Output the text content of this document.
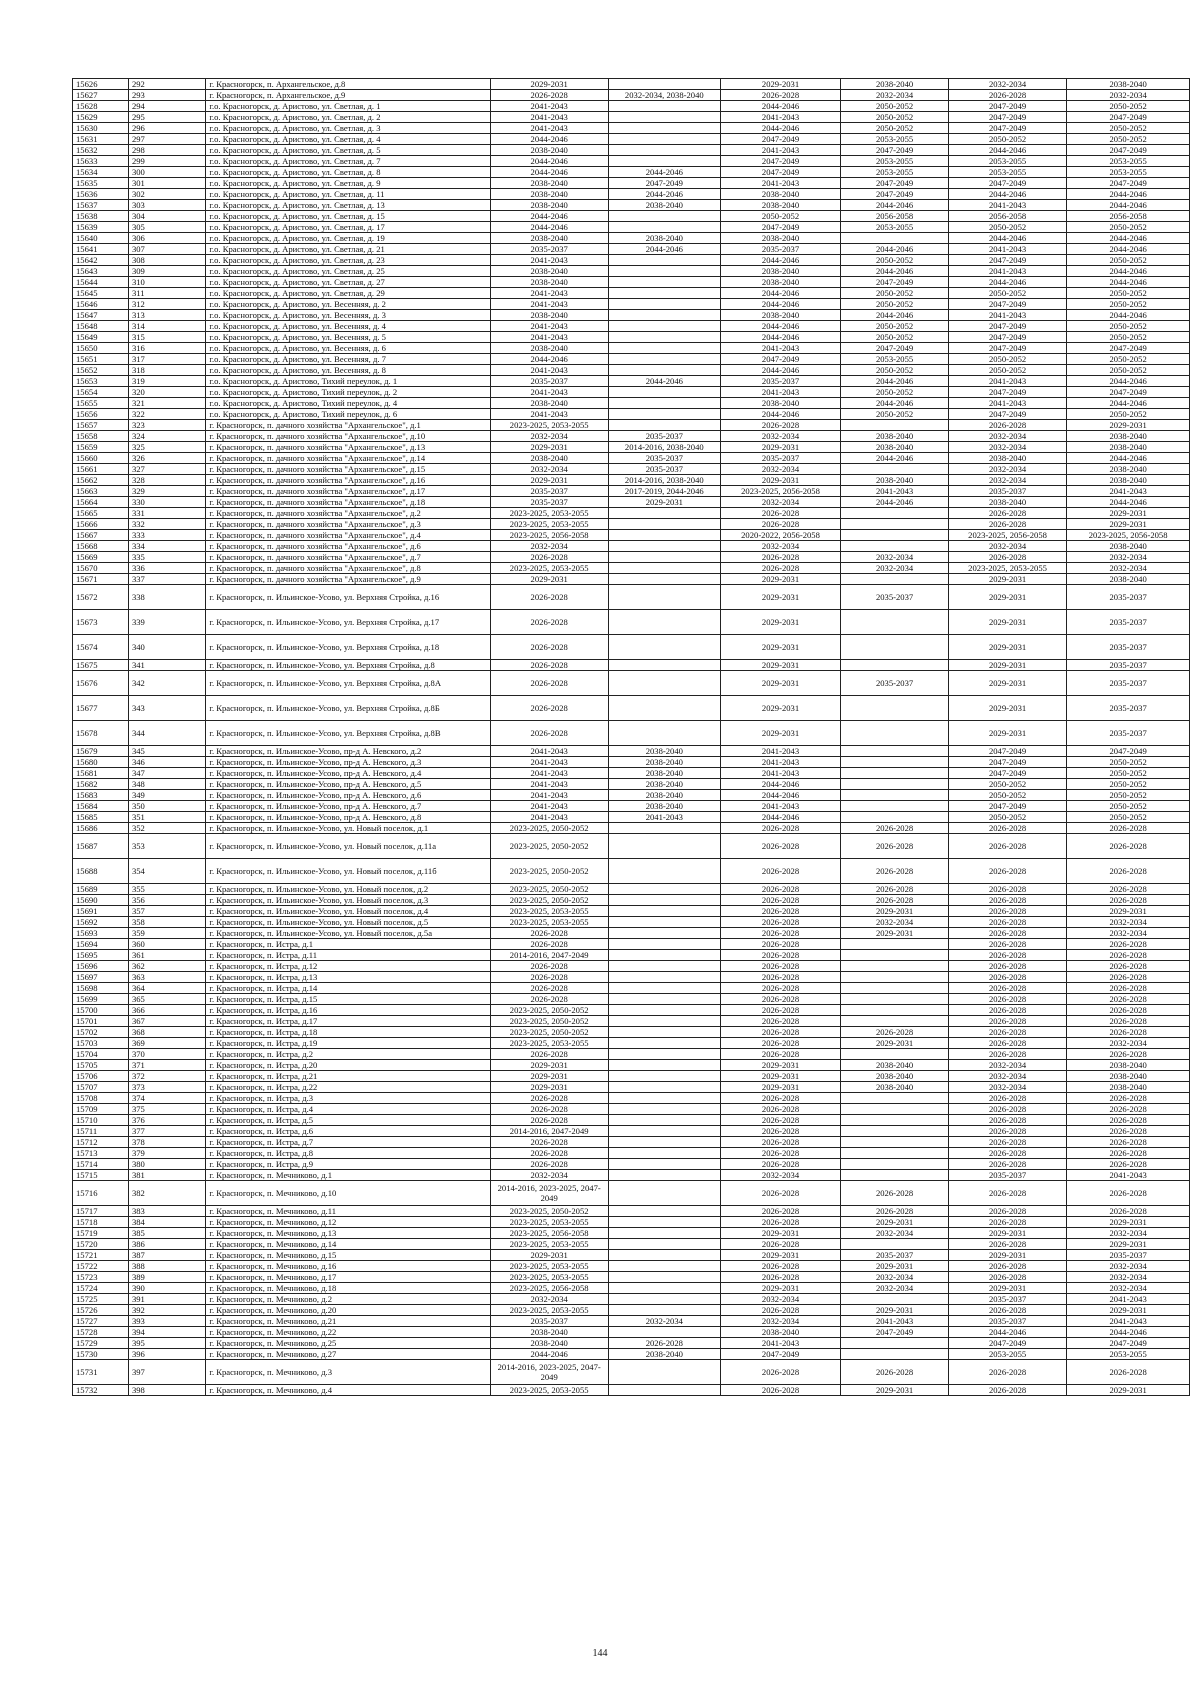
15626	292	г. Красногорск, п. Архангельское, д.8	2029-2031		2029-2031	2038-2040	2032-2034	2038-2040
15627	293	г. Красногорск, п. Архангельское, д.9	2026-2028	2032-2034, 2038-2040	2026-2028	2032-2034	2026-2028	2032-2034
15628	294	г.о. Красногорск, д. Аристово, ул. Светлая, д. 1	2041-2043		2044-2046	2050-2052	2047-2049	2050-2052
15629	295	г.о. Красногорск, д. Аристово, ул. Светлая, д. 2	2041-2043		2041-2043	2050-2052	2047-2049	2047-2049
15630	296	г.о. Красногорск, д. Аристово, ул. Светлая, д. 3	2041-2043		2044-2046	2050-2052	2047-2049	2050-2052
15631	297	г.о. Красногорск, д. Аристово, ул. Светлая, д. 4	2044-2046		2047-2049	2053-2055	2050-2052	2050-2052
15632	298	г.о. Красногорск, д. Аристово, ул. Светлая, д. 5	2038-2040		2041-2043	2047-2049	2044-2046	2047-2049
15633	299	г.о. Красногорск, д. Аристово, ул. Светлая, д. 7	2044-2046		2047-2049	2053-2055	2053-2055	2053-2055
15634	300	г.о. Красногорск, д. Аристово, ул. Светлая, д. 8	2044-2046	2044-2046	2047-2049	2053-2055	2053-2055	2053-2055
15635	301	г.о. Красногорск, д. Аристово, ул. Светлая, д. 9	2038-2040	2047-2049	2041-2043	2047-2049	2047-2049	2047-2049
15636	302	г.о. Красногорск, д. Аристово, ул. Светлая, д. 11	2038-2040	2044-2046	2038-2040	2047-2049	2044-2046	2044-2046
15637	303	г.о. Красногорск, д. Аристово, ул. Светлая, д. 13	2038-2040	2038-2040	2038-2040	2044-2046	2041-2043	2044-2046
15638	304	г.о. Красногорск, д. Аристово, ул. Светлая, д. 15	2044-2046		2050-2052	2056-2058	2056-2058	2056-2058
15639	305	г.о. Красногорск, д. Аристово, ул. Светлая, д. 17	2044-2046		2047-2049	2053-2055	2050-2052	2050-2052
15640	306	г.о. Красногорск, д. Аристово, ул. Светлая, д. 19	2038-2040	2038-2040	2038-2040		2044-2046	2044-2046
15641	307	г.о. Красногорск, д. Аристово, ул. Светлая, д. 21	2035-2037	2044-2046	2035-2037	2044-2046	2041-2043	2044-2046
15642	308	г.о. Красногорск, д. Аристово, ул. Светлая, д. 23	2041-2043		2044-2046	2050-2052	2047-2049	2050-2052
15643	309	г.о. Красногорск, д. Аристово, ул. Светлая, д. 25	2038-2040		2038-2040	2044-2046	2041-2043	2044-2046
15644	310	г.о. Красногорск, д. Аристово, ул. Светлая, д. 27	2038-2040		2038-2040	2047-2049	2044-2046	2044-2046
15645	311	г.о. Красногорск, д. Аристово, ул. Светлая, д. 29	2041-2043		2044-2046	2050-2052	2050-2052	2050-2052
15646	312	г.о. Красногорск, д. Аристово, ул. Весенняя, д. 2	2041-2043		2044-2046	2050-2052	2047-2049	2050-2052
15647	313	г.о. Красногорск, д. Аристово, ул. Весенняя, д. 3	2038-2040		2038-2040	2044-2046	2041-2043	2044-2046
15648	314	г.о. Красногорск, д. Аристово, ул. Весенняя, д. 4	2041-2043		2044-2046	2050-2052	2047-2049	2050-2052
15649	315	г.о. Красногорск, д. Аристово, ул. Весенняя, д. 5	2041-2043		2044-2046	2050-2052	2047-2049	2050-2052
15650	316	г.о. Красногорск, д. Аристово, ул. Весенняя, д. 6	2038-2040		2041-2043	2047-2049	2047-2049	2047-2049
15651	317	г.о. Красногорск, д. Аристово, ул. Весенняя, д. 7	2044-2046		2047-2049	2053-2055	2050-2052	2050-2052
15652	318	г.о. Красногорск, д. Аристово, ул. Весенняя, д. 8	2041-2043		2044-2046	2050-2052	2050-2052	2050-2052
15653	319	г.о. Красногорск, д. Аристово, Тихий переулок, д. 1	2035-2037	2044-2046	2035-2037	2044-2046	2041-2043	2044-2046
15654	320	г.о. Красногорск, д. Аристово, Тихий переулок, д. 2	2041-2043		2041-2043	2050-2052	2047-2049	2047-2049
15655	321	г.о. Красногорск, д. Аристово, Тихий переулок, д. 4	2038-2040		2038-2040	2044-2046	2041-2043	2044-2046
15656	322	г.о. Красногорск, д. Аристово, Тихий переулок, д. 6	2041-2043		2044-2046	2050-2052	2047-2049	2050-2052
15657	323	г. Красногорск, п. дачного хозяйства "Архангельское", д.1	2023-2025, 2053-2055		2026-2028		2026-2028	2029-2031
15658	324	г. Красногорск, п. дачного хозяйства "Архангельское", д.10	2032-2034	2035-2037	2032-2034	2038-2040	2032-2034	2038-2040
15659	325	г. Красногорск, п. дачного хозяйства "Архангельское", д.13	2029-2031	2014-2016, 2038-2040	2029-2031	2038-2040	2032-2034	2038-2040
15660	326	г. Красногорск, п. дачного хозяйства "Архангельское", д.14	2038-2040	2035-2037	2035-2037	2044-2046	2038-2040	2044-2046
15661	327	г. Красногорск, п. дачного хозяйства "Архангельское", д.15	2032-2034	2035-2037	2032-2034		2032-2034	2038-2040
15662	328	г. Красногорск, п. дачного хозяйства "Архангельское", д.16	2029-2031	2014-2016, 2038-2040	2029-2031	2038-2040	2032-2034	2038-2040
15663	329	г. Красногорск, п. дачного хозяйства "Архангельское", д.17	2035-2037	2017-2019, 2044-2046	2023-2025, 2056-2058	2041-2043	2035-2037	2041-2043
15664	330	г. Красногорск, п. дачного хозяйства "Архангельское", д.18	2035-2037	2029-2031	2032-2034	2044-2046	2038-2040	2044-2046
15665	331	г. Красногорск, п. дачного хозяйства "Архангельское", д.2	2023-2025, 2053-2055		2026-2028		2026-2028	2029-2031
15666	332	г. Красногорск, п. дачного хозяйства "Архангельское", д.3	2023-2025, 2053-2055		2026-2028		2026-2028	2029-2031
15667	333	г. Красногорск, п. дачного хозяйства "Архангельское", д.4	2023-2025, 2056-2058		2020-2022, 2056-2058		2023-2025, 2056-2058	2023-2025, 2056-2058
15668	334	г. Красногорск, п. дачного хозяйства "Архангельское", д.6	2032-2034		2032-2034		2032-2034	2038-2040
15669	335	г. Красногорск, п. дачного хозяйства "Архангельское", д.7	2026-2028		2026-2028	2032-2034	2026-2028	2032-2034
15670	336	г. Красногорск, п. дачного хозяйства "Архангельское", д.8	2023-2025, 2053-2055		2026-2028	2032-2034	2023-2025, 2053-2055	2032-2034
15671	337	г. Красногорск, п. дачного хозяйства "Архангельское", д.9	2029-2031		2029-2031		2029-2031	2038-2040
15672	338	г. Красногорск, п. Ильинское-Усово, ул. Верхняя Стройка, д.16	2026-2028		2029-2031	2035-2037	2029-2031	2035-2037
15673	339	г. Красногорск, п. Ильинское-Усово, ул. Верхняя Стройка, д.17	2026-2028		2029-2031		2029-2031	2035-2037
15674	340	г. Красногорск, п. Ильинское-Усово, ул. Верхняя Стройка, д.18	2026-2028		2029-2031		2029-2031	2035-2037
15675	341	г. Красногорск, п. Ильинское-Усово, ул. Верхняя Стройка, д.8	2026-2028		2029-2031		2029-2031	2035-2037
15676	342	г. Красногорск, п. Ильинское-Усово, ул. Верхняя Стройка, д.8А	2026-2028		2029-2031	2035-2037	2029-2031	2035-2037
15677	343	г. Красногорск, п. Ильинское-Усово, ул. Верхняя Стройка, д.8Б	2026-2028		2029-2031		2029-2031	2035-2037
15678	344	г. Красногорск, п. Ильинское-Усово, ул. Верхняя Стройка, д.8В	2026-2028		2029-2031		2029-2031	2035-2037
15679	345	г. Красногорск, п. Ильинское-Усово, пр-д А. Невского, д.2	2041-2043	2038-2040	2041-2043		2047-2049	2047-2049
15680	346	г. Красногорск, п. Ильинское-Усово, пр-д А. Невского, д.3	2041-2043	2038-2040	2041-2043		2047-2049	2050-2052
15681	347	г. Красногорск, п. Ильинское-Усово, пр-д А. Невского, д.4	2041-2043	2038-2040	2041-2043		2047-2049	2050-2052
15682	348	г. Красногорск, п. Ильинское-Усово, пр-д А. Невского, д.5	2041-2043	2038-2040	2044-2046		2050-2052	2050-2052
15683	349	г. Красногорск, п. Ильинское-Усово, пр-д А. Невского, д.6	2041-2043	2038-2040	2044-2046		2050-2052	2050-2052
15684	350	г. Красногорск, п. Ильинское-Усово, пр-д А. Невского, д.7	2041-2043	2038-2040	2041-2043		2047-2049	2050-2052
15685	351	г. Красногорск, п. Ильинское-Усово, пр-д А. Невского, д.8	2041-2043	2041-2043	2044-2046		2050-2052	2050-2052
15686	352	г. Красногорск, п. Ильинское-Усово, ул. Новый поселок, д.1	2023-2025, 2050-2052		2026-2028	2026-2028	2026-2028	2026-2028
15687	353	г. Красногорск, п. Ильинское-Усово, ул. Новый поселок, д.11а	2023-2025, 2050-2052		2026-2028	2026-2028	2026-2028	2026-2028
15688	354	г. Красногорск, п. Ильинское-Усово, ул. Новый поселок, д.11б	2023-2025, 2050-2052		2026-2028	2026-2028	2026-2028	2026-2028
15689	355	г. Красногорск, п. Ильинское-Усово, ул. Новый поселок, д.2	2023-2025, 2050-2052		2026-2028	2026-2028	2026-2028	2026-2028
15690	356	г. Красногорск, п. Ильинское-Усово, ул. Новый поселок, д.3	2023-2025, 2050-2052		2026-2028	2026-2028	2026-2028	2026-2028
15691	357	г. Красногорск, п. Ильинское-Усово, ул. Новый поселок, д.4	2023-2025, 2053-2055		2026-2028	2029-2031	2026-2028	2029-2031
15692	358	г. Красногорск, п. Ильинское-Усово, ул. Новый поселок, д.5	2023-2025, 2053-2055		2026-2028	2032-2034	2026-2028	2032-2034
15693	359	г. Красногорск, п. Ильинское-Усово, ул. Новый поселок, д.5а	2026-2028		2026-2028	2029-2031	2026-2028	2032-2034
15694	360	г. Красногорск, п. Истра, д.1	2026-2028		2026-2028		2026-2028	2026-2028
15695	361	г. Красногорск, п. Истра, д.11	2014-2016, 2047-2049		2026-2028		2026-2028	2026-2028
15696	362	г. Красногорск, п. Истра, д.12	2026-2028		2026-2028		2026-2028	2026-2028
15697	363	г. Красногорск, п. Истра, д.13	2026-2028		2026-2028		2026-2028	2026-2028
15698	364	г. Красногорск, п. Истра, д.14	2026-2028		2026-2028		2026-2028	2026-2028
15699	365	г. Красногорск, п. Истра, д.15	2026-2028		2026-2028		2026-2028	2026-2028
15700	366	г. Красногорск, п. Истра, д.16	2023-2025, 2050-2052		2026-2028		2026-2028	2026-2028
15701	367	г. Красногорск, п. Истра, д.17	2023-2025, 2050-2052		2026-2028		2026-2028	2026-2028
15702	368	г. Красногорск, п. Истра, д.18	2023-2025, 2050-2052		2026-2028	2026-2028	2026-2028	2026-2028
15703	369	г. Красногорск, п. Истра, д.19	2023-2025, 2053-2055		2026-2028	2029-2031	2026-2028	2032-2034
15704	370	г. Красногорск, п. Истра, д.2	2026-2028		2026-2028		2026-2028	2026-2028
15705	371	г. Красногорск, п. Истра, д.20	2029-2031		2029-2031	2038-2040	2032-2034	2038-2040
15706	372	г. Красногорск, п. Истра, д.21	2029-2031		2029-2031	2038-2040	2032-2034	2038-2040
15707	373	г. Красногорск, п. Истра, д.22	2029-2031		2029-2031	2038-2040	2032-2034	2038-2040
15708	374	г. Красногорск, п. Истра, д.3	2026-2028		2026-2028		2026-2028	2026-2028
15709	375	г. Красногорск, п. Истра, д.4	2026-2028		2026-2028		2026-2028	2026-2028
15710	376	г. Красногорск, п. Истра, д.5	2026-2028		2026-2028		2026-2028	2026-2028
15711	377	г. Красногорск, п. Истра, д.6	2014-2016, 2047-2049		2026-2028		2026-2028	2026-2028
15712	378	г. Красногорск, п. Истра, д.7	2026-2028		2026-2028		2026-2028	2026-2028
15713	379	г. Красногорск, п. Истра, д.8	2026-2028		2026-2028		2026-2028	2026-2028
15714	380	г. Красногорск, п. Истра, д.9	2026-2028		2026-2028		2026-2028	2026-2028
15715	381	г. Красногорск, п. Мечниково, д.1	2032-2034		2032-2034		2035-2037	2041-2043
15716	382	г. Красногорск, п. Мечниково, д.10	2014-2016, 2023-2025, 2047-2049		2026-2028	2026-2028	2026-2028	2026-2028
15717	383	г. Красногорск, п. Мечниково, д.11	2023-2025, 2050-2052		2026-2028	2026-2028	2026-2028	2026-2028
15718	384	г. Красногорск, п. Мечниково, д.12	2023-2025, 2053-2055		2026-2028	2029-2031	2026-2028	2029-2031
15719	385	г. Красногорск, п. Мечниково, д.13	2023-2025, 2056-2058		2029-2031	2032-2034	2029-2031	2032-2034
15720	386	г. Красногорск, п. Мечниково, д.14	2023-2025, 2053-2055		2026-2028		2026-2028	2029-2031
15721	387	г. Красногорск, п. Мечниково, д.15	2029-2031		2029-2031	2035-2037	2029-2031	2035-2037
15722	388	г. Красногорск, п. Мечниково, д.16	2023-2025, 2053-2055		2026-2028	2029-2031	2026-2028	2032-2034
15723	389	г. Красногорск, п. Мечниково, д.17	2023-2025, 2053-2055		2026-2028	2032-2034	2026-2028	2032-2034
15724	390	г. Красногорск, п. Мечниково, д.18	2023-2025, 2056-2058		2029-2031	2032-2034	2029-2031	2032-2034
15725	391	г. Красногорск, п. Мечниково, д.2	2032-2034		2032-2034		2035-2037	2041-2043
15726	392	г. Красногорск, п. Мечниково, д.20	2023-2025, 2053-2055		2026-2028	2029-2031	2026-2028	2029-2031
15727	393	г. Красногорск, п. Мечниково, д.21	2035-2037	2032-2034	2032-2034	2041-2043	2035-2037	2041-2043
15728	394	г. Красногорск, п. Мечниково, д.22	2038-2040		2038-2040	2047-2049	2044-2046	2044-2046
15729	395	г. Красногорск, п. Мечниково, д.25	2038-2040	2026-2028	2041-2043		2047-2049	2047-2049
15730	396	г. Красногорск, п. Мечниково, д.27	2044-2046	2038-2040	2047-2049		2053-2055	2053-2055
15731	397	г. Красногорск, п. Мечниково, д.3	2014-2016, 2023-2025, 2047-2049		2026-2028	2026-2028	2026-2028	2026-2028
15732	398	г. Красногорск, п. Мечниково, д.4	2023-2025, 2053-2055		2026-2028	2029-2031	2026-2028	2029-2031
144
